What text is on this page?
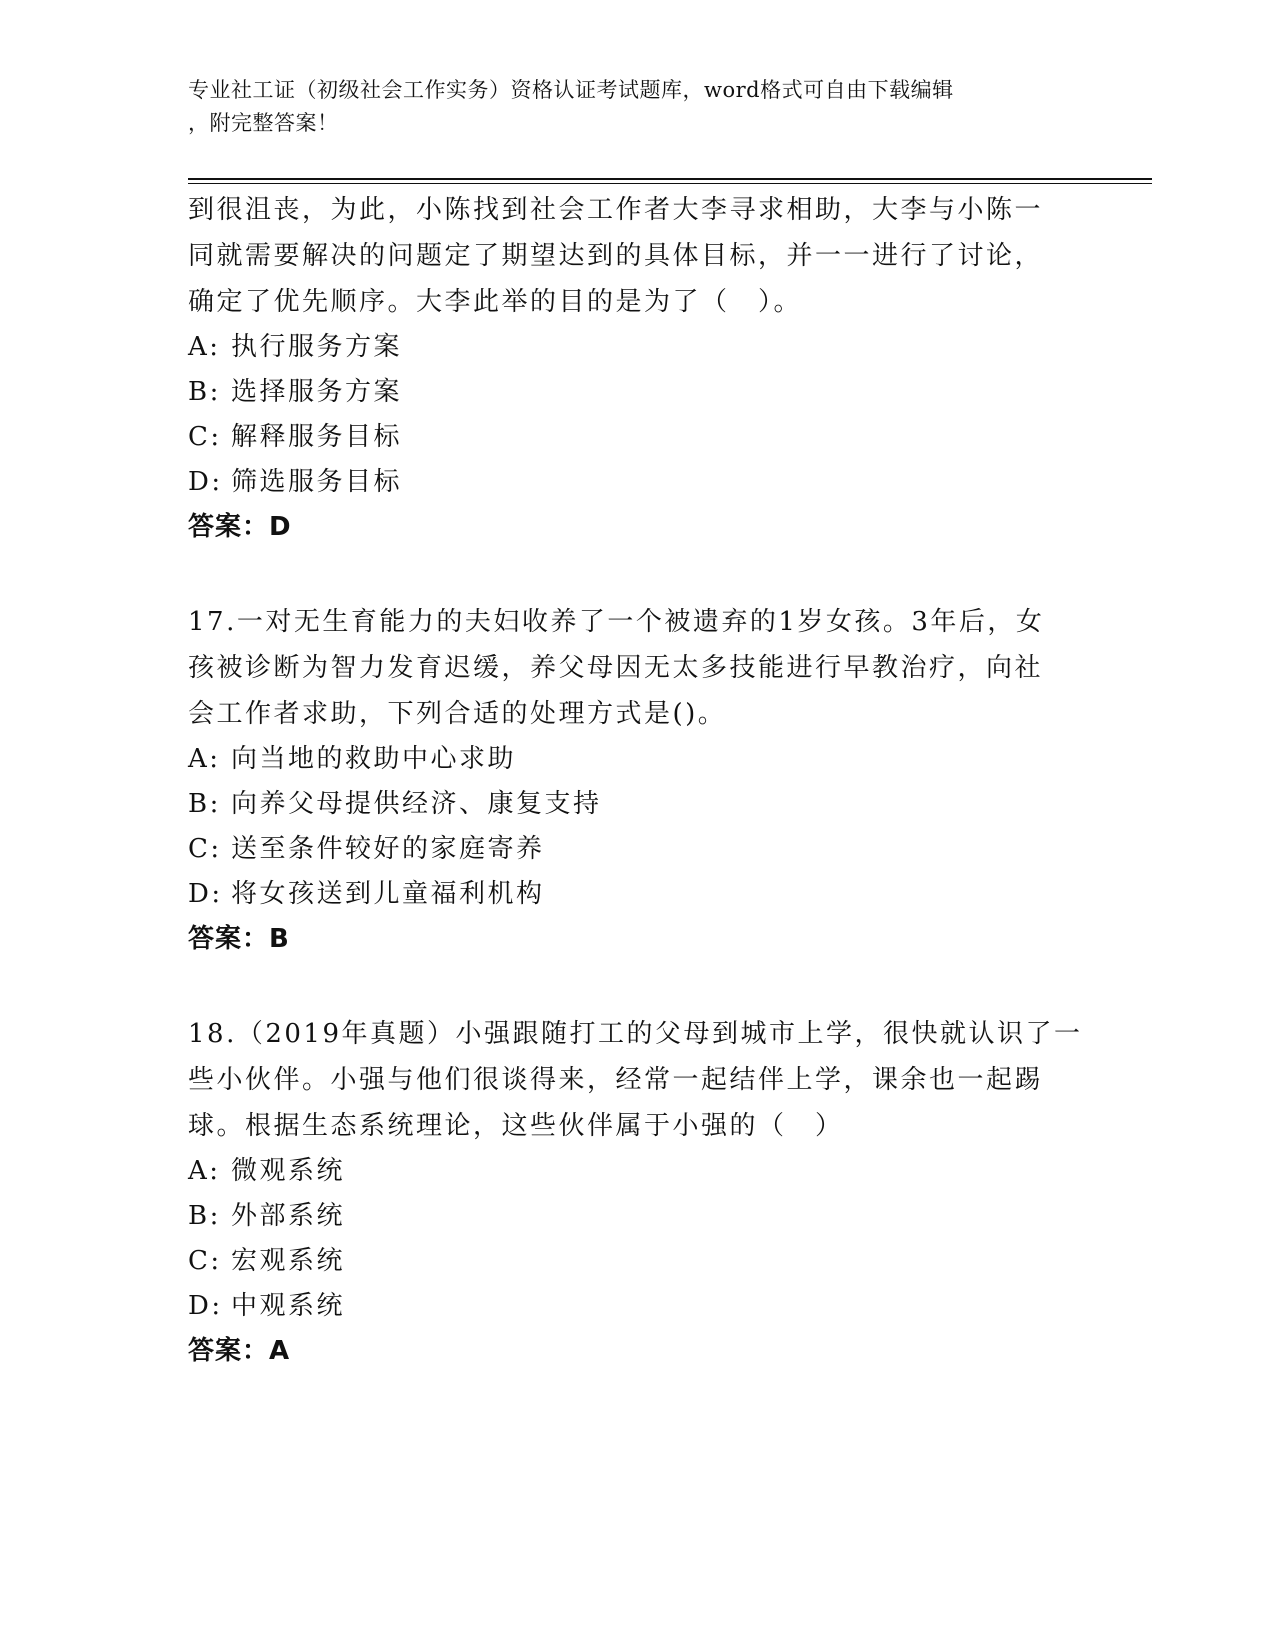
专业社工证（初级社会工作实务）资格认证考试题库，word格式可自由下载编辑
，附完整答案！
到很沮丧，为此，小陈找到社会工作者大李寻求相助，大李与小陈一
同就需要解决的问题定了期望达到的具体目标，并一一进行了讨论，
确定了优先顺序。大李此举的目的是为了（　）。
A: 执行服务方案
B: 选择服务方案
C: 解释服务目标
D: 筛选服务目标
答案：D
17.一对无生育能力的夫妇收养了一个被遗弃的1岁女孩。3年后，女
孩被诊断为智力发育迟缓，养父母因无太多技能进行早教治疗，向社
会工作者求助，下列合适的处理方式是()。
A: 向当地的救助中心求助
B: 向养父母提供经济、康复支持
C: 送至条件较好的家庭寄养
D: 将女孩送到儿童福利机构
答案：B
18.（2019年真题）小强跟随打工的父母到城市上学，很快就认识了一
些小伙伴。小强与他们很谈得来，经常一起结伴上学，课余也一起踢
球。根据生态系统理论，这些伙伴属于小强的（　）
A: 微观系统
B: 外部系统
C: 宏观系统
D: 中观系统
答案：A
